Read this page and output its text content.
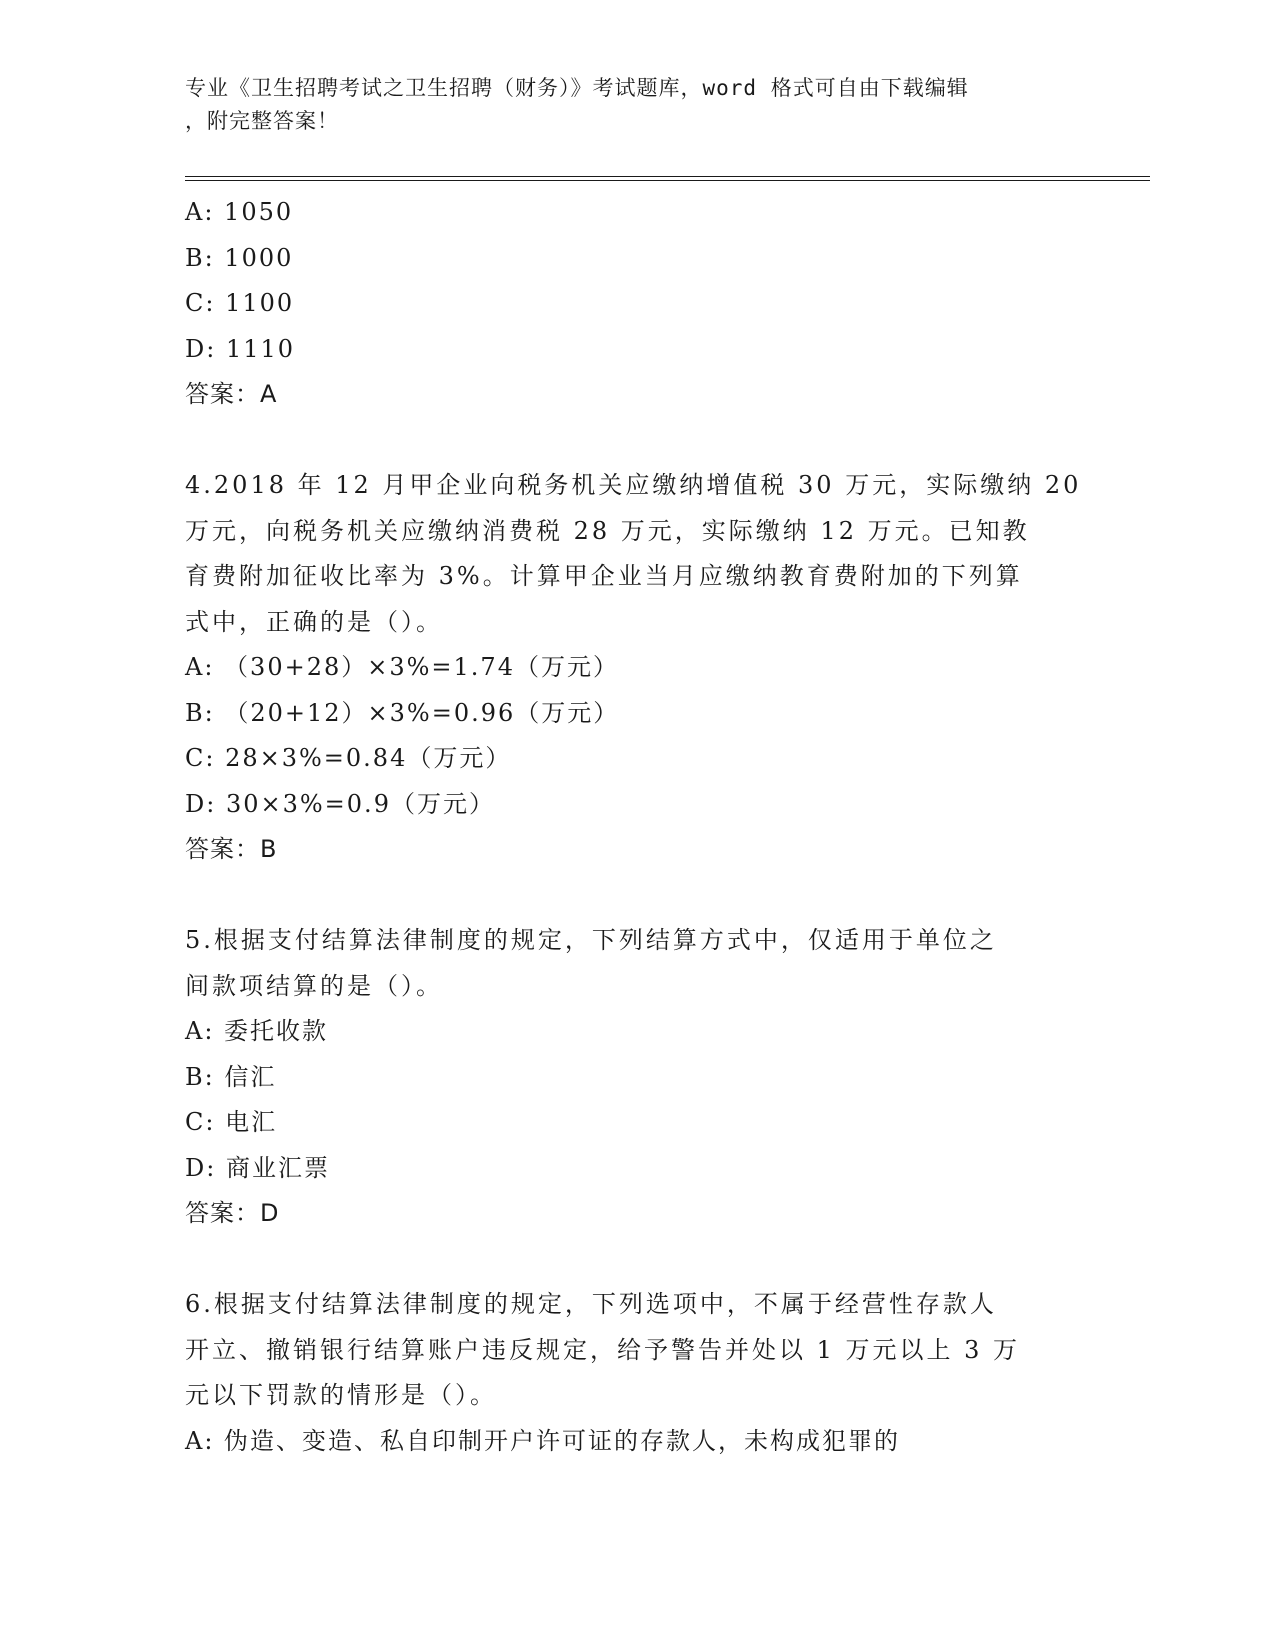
专业《卫生招聘考试之卫生招聘（财务）》考试题库，word 格式可自由下载编辑
，附完整答案！
A: 1050
B: 1000
C: 1100
D: 1110
答案：A
4.2018 年 12 月甲企业向税务机关应缴纳增值税 30 万元，实际缴纳 20
万元，向税务机关应缴纳消费税 28 万元，实际缴纳 12 万元。已知教
育费附加征收比率为 3%。计算甲企业当月应缴纳教育费附加的下列算
式中，正确的是（）。
A: （30+28）×3%=1.74（万元）
B: （20+12）×3%=0.96（万元）
C: 28×3%=0.84（万元）
D: 30×3%=0.9（万元）
答案：B
5.根据支付结算法律制度的规定，下列结算方式中，仅适用于单位之
间款项结算的是（）。
A: 委托收款
B: 信汇
C: 电汇
D: 商业汇票
答案：D
6.根据支付结算法律制度的规定，下列选项中，不属于经营性存款人
开立、撤销银行结算账户违反规定，给予警告并处以 1 万元以上 3 万
元以下罚款的情形是（）。
A: 伪造、变造、私自印制开户许可证的存款人，未构成犯罪的
